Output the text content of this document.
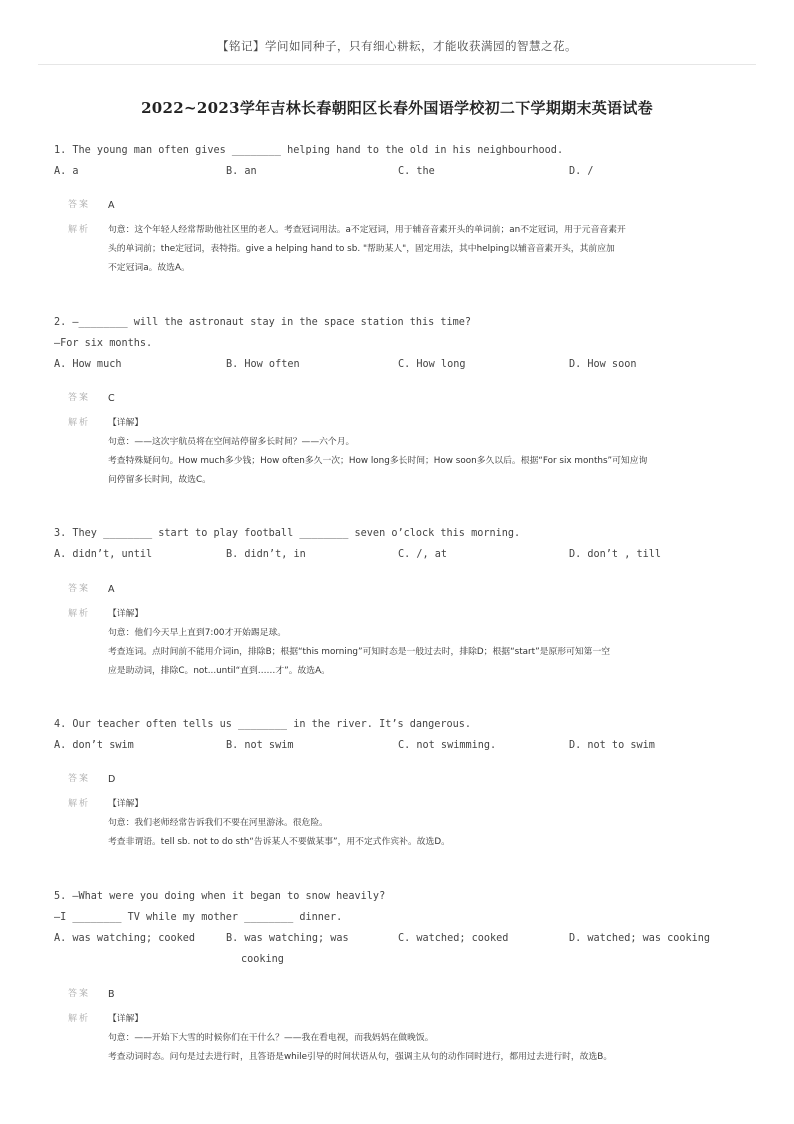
【铭记】学问如同种子，只有细心耕耘，才能收获满园的智慧之花。
2022~2023学年吉林长春朝阳区长春外国语学校初二下学期期末英语试卷
1. The young man often gives ________ helping hand to the old in his neighbourhood.
A. a	B. an	C. the	D. /
答案 A
解析 句意：这个年轻人经常帮助他社区里的老人。考查冠词用法。a不定冠词，用于辅音音素开头的单词前；an不定冠词，用于元音音素开
头的单词前；the定冠词，表特指。give a helping hand to sb. "帮助某人"，固定用法，其中helping以辅音音素开头，其前应加
不定冠词a。故选A。
2. —________ will the astronaut stay in the space station this time?
—For six months.
A. How much	B. How often	C. How long	D. How soon
答案 C
解析 【详解】
句意：——这次宇航员将在空间站停留多长时间？——六个月。
考查特殊疑问句。How much多少钱；How often多久一次；How long多长时间；How soon多久以后。根据“For six months”可知应询
问停留多长时间，故选C。
3. They ________ start to play football ________ seven o’clock this morning.
A. didn’t, until	B. didn’t, in	C. /, at	D. don’t , till
答案 A
解析 【详解】
句意：他们今天早上直到7:00才开始踢足球。
考查连词。点时间前不能用介词in，排除B；根据“this morning”可知时态是一般过去时，排除D；根据“start”是原形可知第一空
应是助动词，排除C。not...until“直到……才”。故选A。
4. Our teacher often tells us ________ in the river. It’s dangerous.
A. don’t swim	B. not swim	C. not swimming.	D. not to swim
答案 D
解析 【详解】
句意：我们老师经常告诉我们不要在河里游泳。很危险。
考查非谓语。tell sb. not to do sth“告诉某人不要做某事”，用不定式作宾补。故选D。
5. —What were you doing when it began to snow heavily?
—I ________ TV while my mother ________ dinner.
A. was watching; cooked	B. was watching; was	C. watched; cooked	D. watched; was cooking
cooking
答案 B
解析 【详解】
句意：——开始下大雪的时候你们在干什么？——我在看电视，而我妈妈在做晚饭。
考查动词时态。问句是过去进行时，且答语是while引导的时间状语从句，强调主从句的动作同时进行，都用过去进行时，故选B。
